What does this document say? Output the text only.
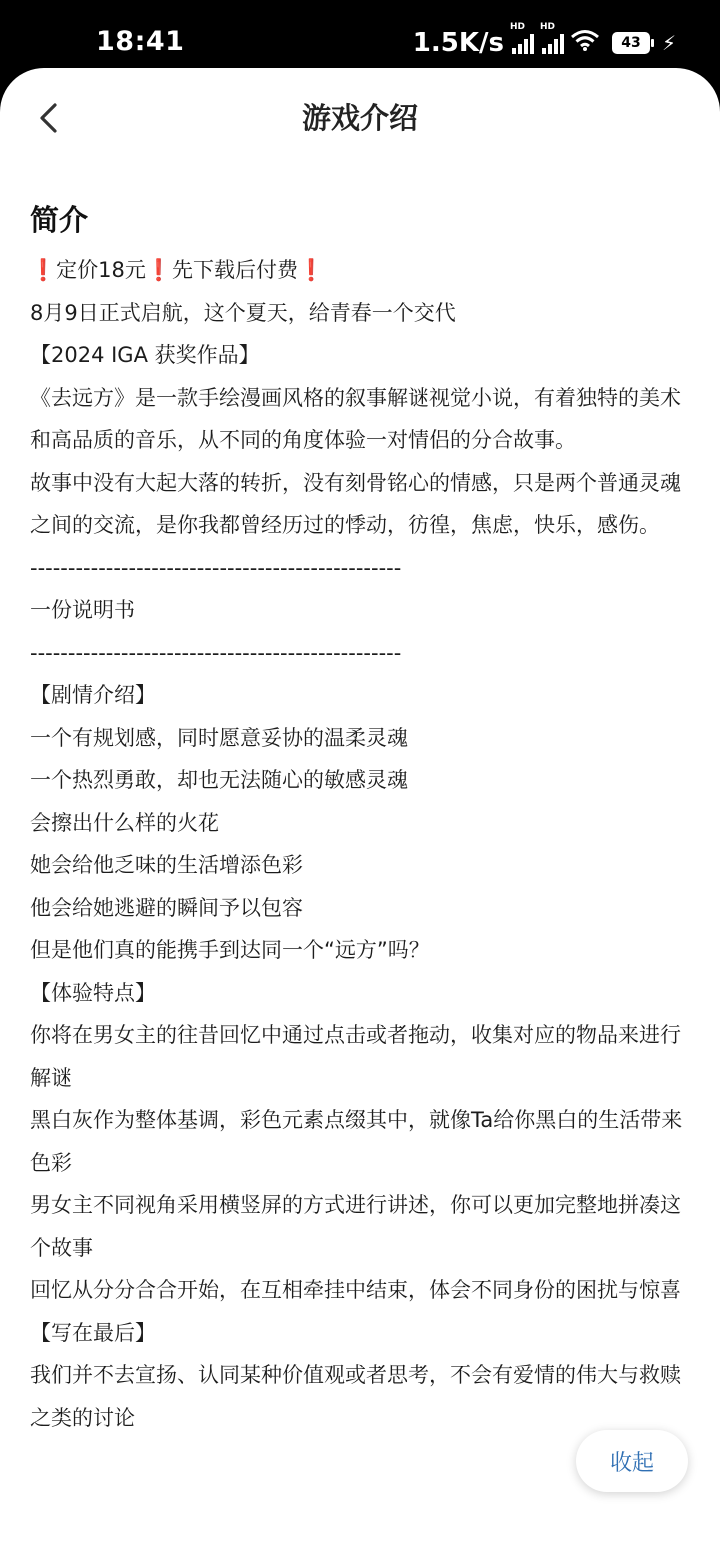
18:41	1.5K/s
HD HD
43 ⚡
游戏介绍
简介

❗定价18元❗先下载后付费❗

8月9日正式启航，这个夏天，给青春一个交代

【2024 IGA 获奖作品】

《去远方》是一款手绘漫画风格的叙事解谜视觉小说，有着独特的美术和高品质的音乐，从不同的角度体验一对情侣的分合故事。

故事中没有大起大落的转折，没有刻骨铭心的情感，只是两个普通灵魂之间的交流，是你我都曾经历过的悸动，彷徨，焦虑，快乐，感伤。

-------------------------------------------------

一份说明书

-------------------------------------------------

【剧情介绍】

一个有规划感，同时愿意妥协的温柔灵魂

一个热烈勇敢，却也无法随心的敏感灵魂

会擦出什么样的火花

她会给他乏味的生活增添色彩

他会给她逃避的瞬间予以包容

但是他们真的能携手到达同一个“远方”吗？

【体验特点】

你将在男女主的往昔回忆中通过点击或者拖动，收集对应的物品来进行解谜

黑白灰作为整体基调，彩色元素点缀其中，就像Ta给你黑白的生活带来色彩

男女主不同视角采用横竖屏的方式进行讲述，你可以更加完整地拼凑这个故事

回忆从分分合合开始，在互相牵挂中结束，体会不同身份的困扰与惊喜

【写在最后】

我们并不去宣扬、认同某种价值观或者思考，不会有爱情的伟大与救赎之类的讨论

收起
